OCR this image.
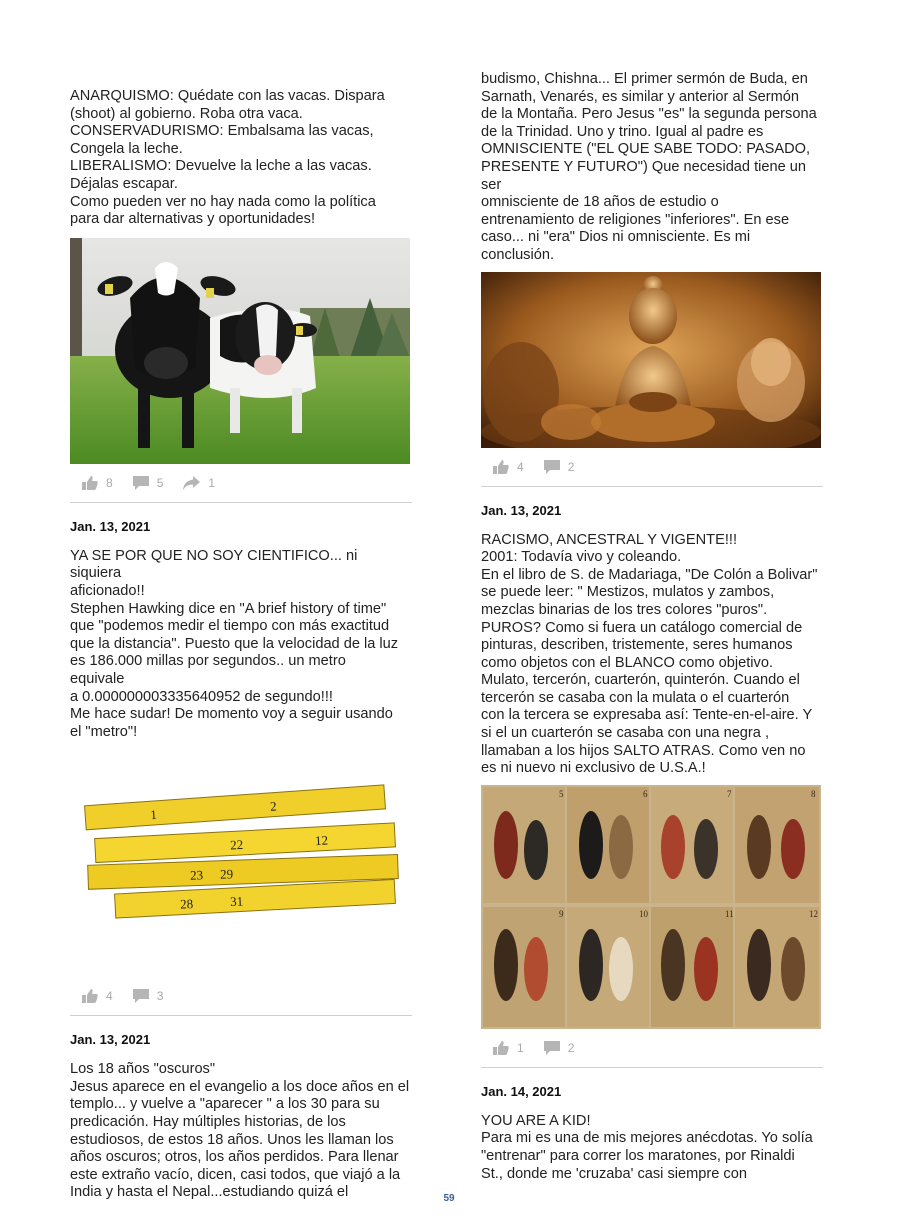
ANARQUISMO: Quédate con las vacas. Dispara

(shoot) al gobierno. Roba otra vaca.

CONSERVADURISMO: Embalsama las vacas,

Congela la leche.

LIBERALISMO: Devuelve la leche a las vacas.

Déjalas escapar.

Como pueden ver no hay nada como la política

para dar alternativas y oportunidades!

8	5	1
Jan. 13, 2021

YA SE POR QUE NO SOY CIENTIFICO... ni siquiera

aficionado!!

Stephen Hawking dice en "A brief history of time"

que "podemos medir el tiempo con más exactitud

que la distancia". Puesto que la velocidad de la luz

es 186.000 millas por segundos.. un metro

equivale

a 0.000000003335640952 de segundo!!!

Me hace sudar! De momento voy a seguir usando

el "metro"!

1
2
22	12
23 29
28	31
4	3
Jan. 13, 2021

Los 18 años "oscuros"

Jesus aparece en el evangelio a los doce años en el

templo... y vuelve a "aparecer " a los 30 para su

predicación. Hay múltiples historias, de los

estudiosos, de estos 18 años. Unos les llaman los

años oscuros; otros, los años perdidos. Para llenar

este extraño vacío, dicen, casi todos, que viajó a la

India y hasta el Nepal...estudiando quizá el

budismo, Chishna... El primer sermón de Buda, en

Sarnath, Venarés, es similar y anterior al Sermón

de la Montaña. Pero Jesus "es" la segunda persona

de la Trinidad. Uno y trino. Igual al padre es

OMNISCIENTE ("EL QUE SABE TODO: PASADO,

PRESENTE Y FUTURO") Que necesidad tiene un ser

omnisciente de 18 años de estudio o

entrenamiento de religiones "inferiores". En ese

caso... ni "era" Dios ni omnisciente. Es mi

conclusión.

4	2
Jan. 13, 2021

RACISMO, ANCESTRAL Y VIGENTE!!!

2001: Todavía vivo y coleando.

En el libro de S. de Madariaga, "De Colón a Bolivar"

se puede leer: " Mestizos, mulatos y zambos,

mezclas binarias de los tres colores "puros".

PUROS? Como si fuera un catálogo comercial de

pinturas, describen, tristemente, seres humanos

como objetos con el BLANCO como objetivo.

Mulato, tercerón, cuarterón, quinterón. Cuando el

tercerón se casaba con la mulata o el cuarterón

con la tercera se expresaba así: Tente-en-el-aire. Y

si el un cuarterón se casaba con una negra ,

llamaban a los hijos SALTO ATRAS. Como ven no

es ni nuevo ni exclusivo de U.S.A.!

5	6	7	8
9	10	11	12
1	2
Jan. 14, 2021

YOU ARE A KID!

Para mi es una de mis mejores anécdotas. Yo solía

"entrenar" para correr los maratones, por Rinaldi

St., donde me 'cruzaba' casi siempre con

59
